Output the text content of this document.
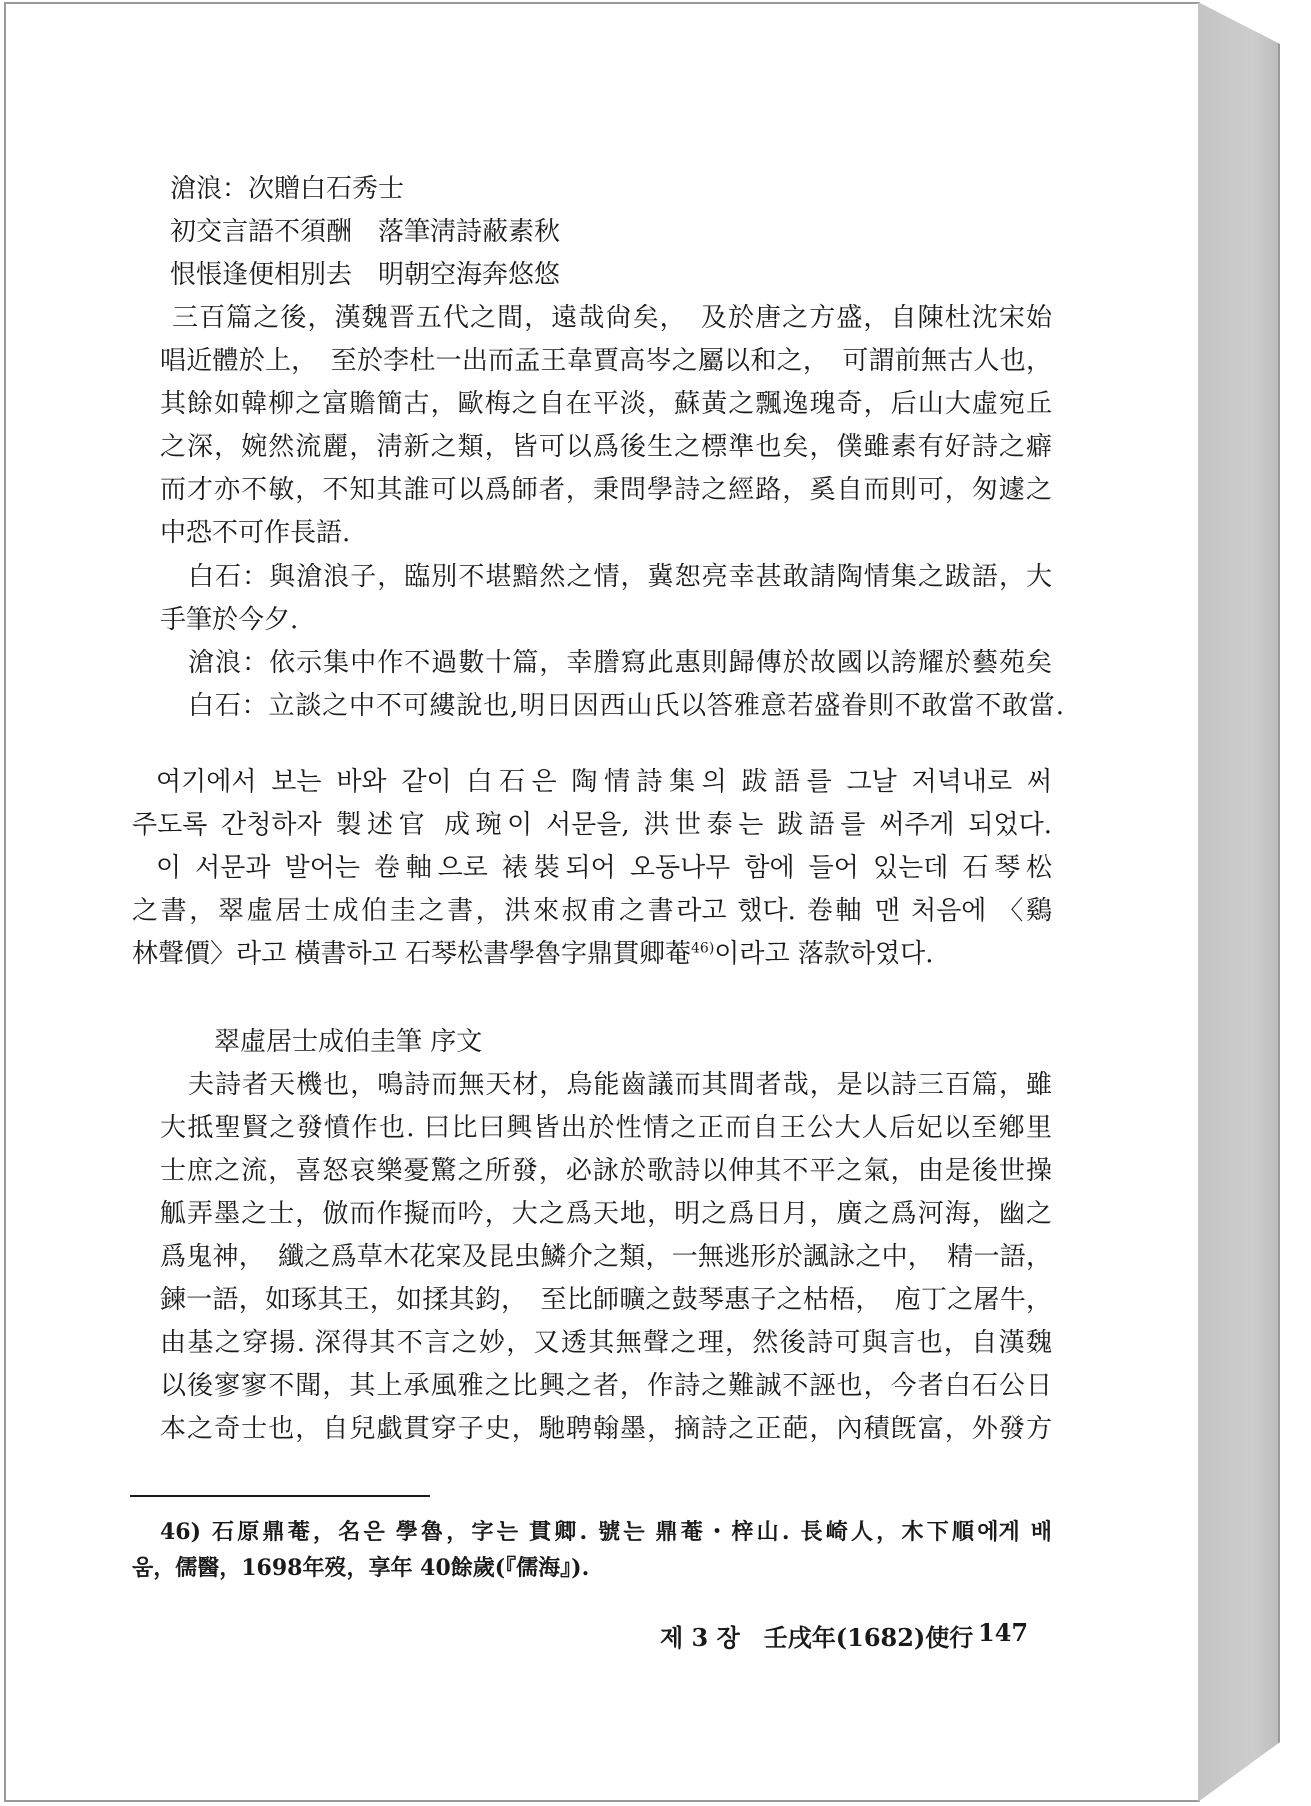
滄浪：次贈白石秀士
初交言語不須酬　落筆淸詩蔽素秋
恨悵逢便相別去　明朝空海奔悠悠
三百篇之後，漢魏晋五代之間，遠哉尙矣，　及於唐之方盛，自陳杜沈宋始
唱近體於上，　至於李杜一出而孟王韋賈高岑之屬以和之，　可謂前無古人也，
其餘如韓柳之富贍簡古，歐梅之自在平淡，蘇黃之飄逸瑰奇，后山大虛宛丘
之深，婉然流麗，淸新之類，皆可以爲後生之標準也矣，僕雖素有好詩之癖
而才亦不敏，不知其誰可以爲師者，秉問學詩之經路，奚自而則可，匆遽之
中恐不可作長語.
白石：與滄浪子，臨別不堪黯然之情，冀恕亮幸甚敢請陶情集之跋語，大
手筆於今夕.
滄浪：依示集中作不過數十篇，幸謄寫此惠則歸傳於故國以誇耀於藝苑矣
白石：立談之中不可縷說也,明日因西山氏以答雅意若盛眷則不敢當不敢當.
여기에서 보는 바와 같이 白石은 陶情詩集의 跋語를 그날 저녁내로 써
주도록 간청하자 製述官 成琬이 서문을, 洪世泰는 跋語를 써주게 되었다.
이 서문과 발어는 卷軸으로 裱裝되어 오동나무 함에 들어 있는데 石琴松
之書，翠虛居士成伯圭之書，洪來叔甫之書라고 했다. 卷軸 맨 처음에 〈鷄
林聲價〉라고 橫書하고 石琴松書學魯字鼎貫卿菴$^{46)}$이라고 落款하였다.
翠虛居士成伯圭筆 序文
夫詩者天機也，鳴詩而無天材，烏能齒議而其間者哉，是以詩三百篇，雖
大抵聖賢之發憤作也. 曰比曰興皆出於性情之正而自王公大人后妃以至鄕里
士庶之流，喜怒哀樂憂驚之所發，必詠於歌詩以伸其不平之氣，由是後世操
觚弄墨之士，倣而作擬而吟，大之爲天地，明之爲日月，廣之爲河海，幽之
爲鬼神，　纖之爲草木花宲及昆虫鱗介之類，一無逃形於諷詠之中，　精一語，
鍊一語，如琢其王，如揉其鈞，　至比師曠之鼓琴惠子之枯梧，　庖丁之屠牛，
由基之穿揚. 深得其不言之妙，又透其無聲之理，然後詩可與言也，自漢魏
以後寥寥不聞，其上承風雅之比興之者，作詩之難誠不誣也，今者白石公日
本之奇士也，自兒戱貫穿子史，馳聘翰墨，摘詩之正葩，內積旣富，外發方
46) 石原鼎菴，名은 學魯，字는 貫卿. 號는 鼎菴・梓山. 長崎人，木下順에게 배
움，儒醫，1698年歿，享年 40餘歲(『儒海』).
제 3 장　壬戌年(1682)使行 147
